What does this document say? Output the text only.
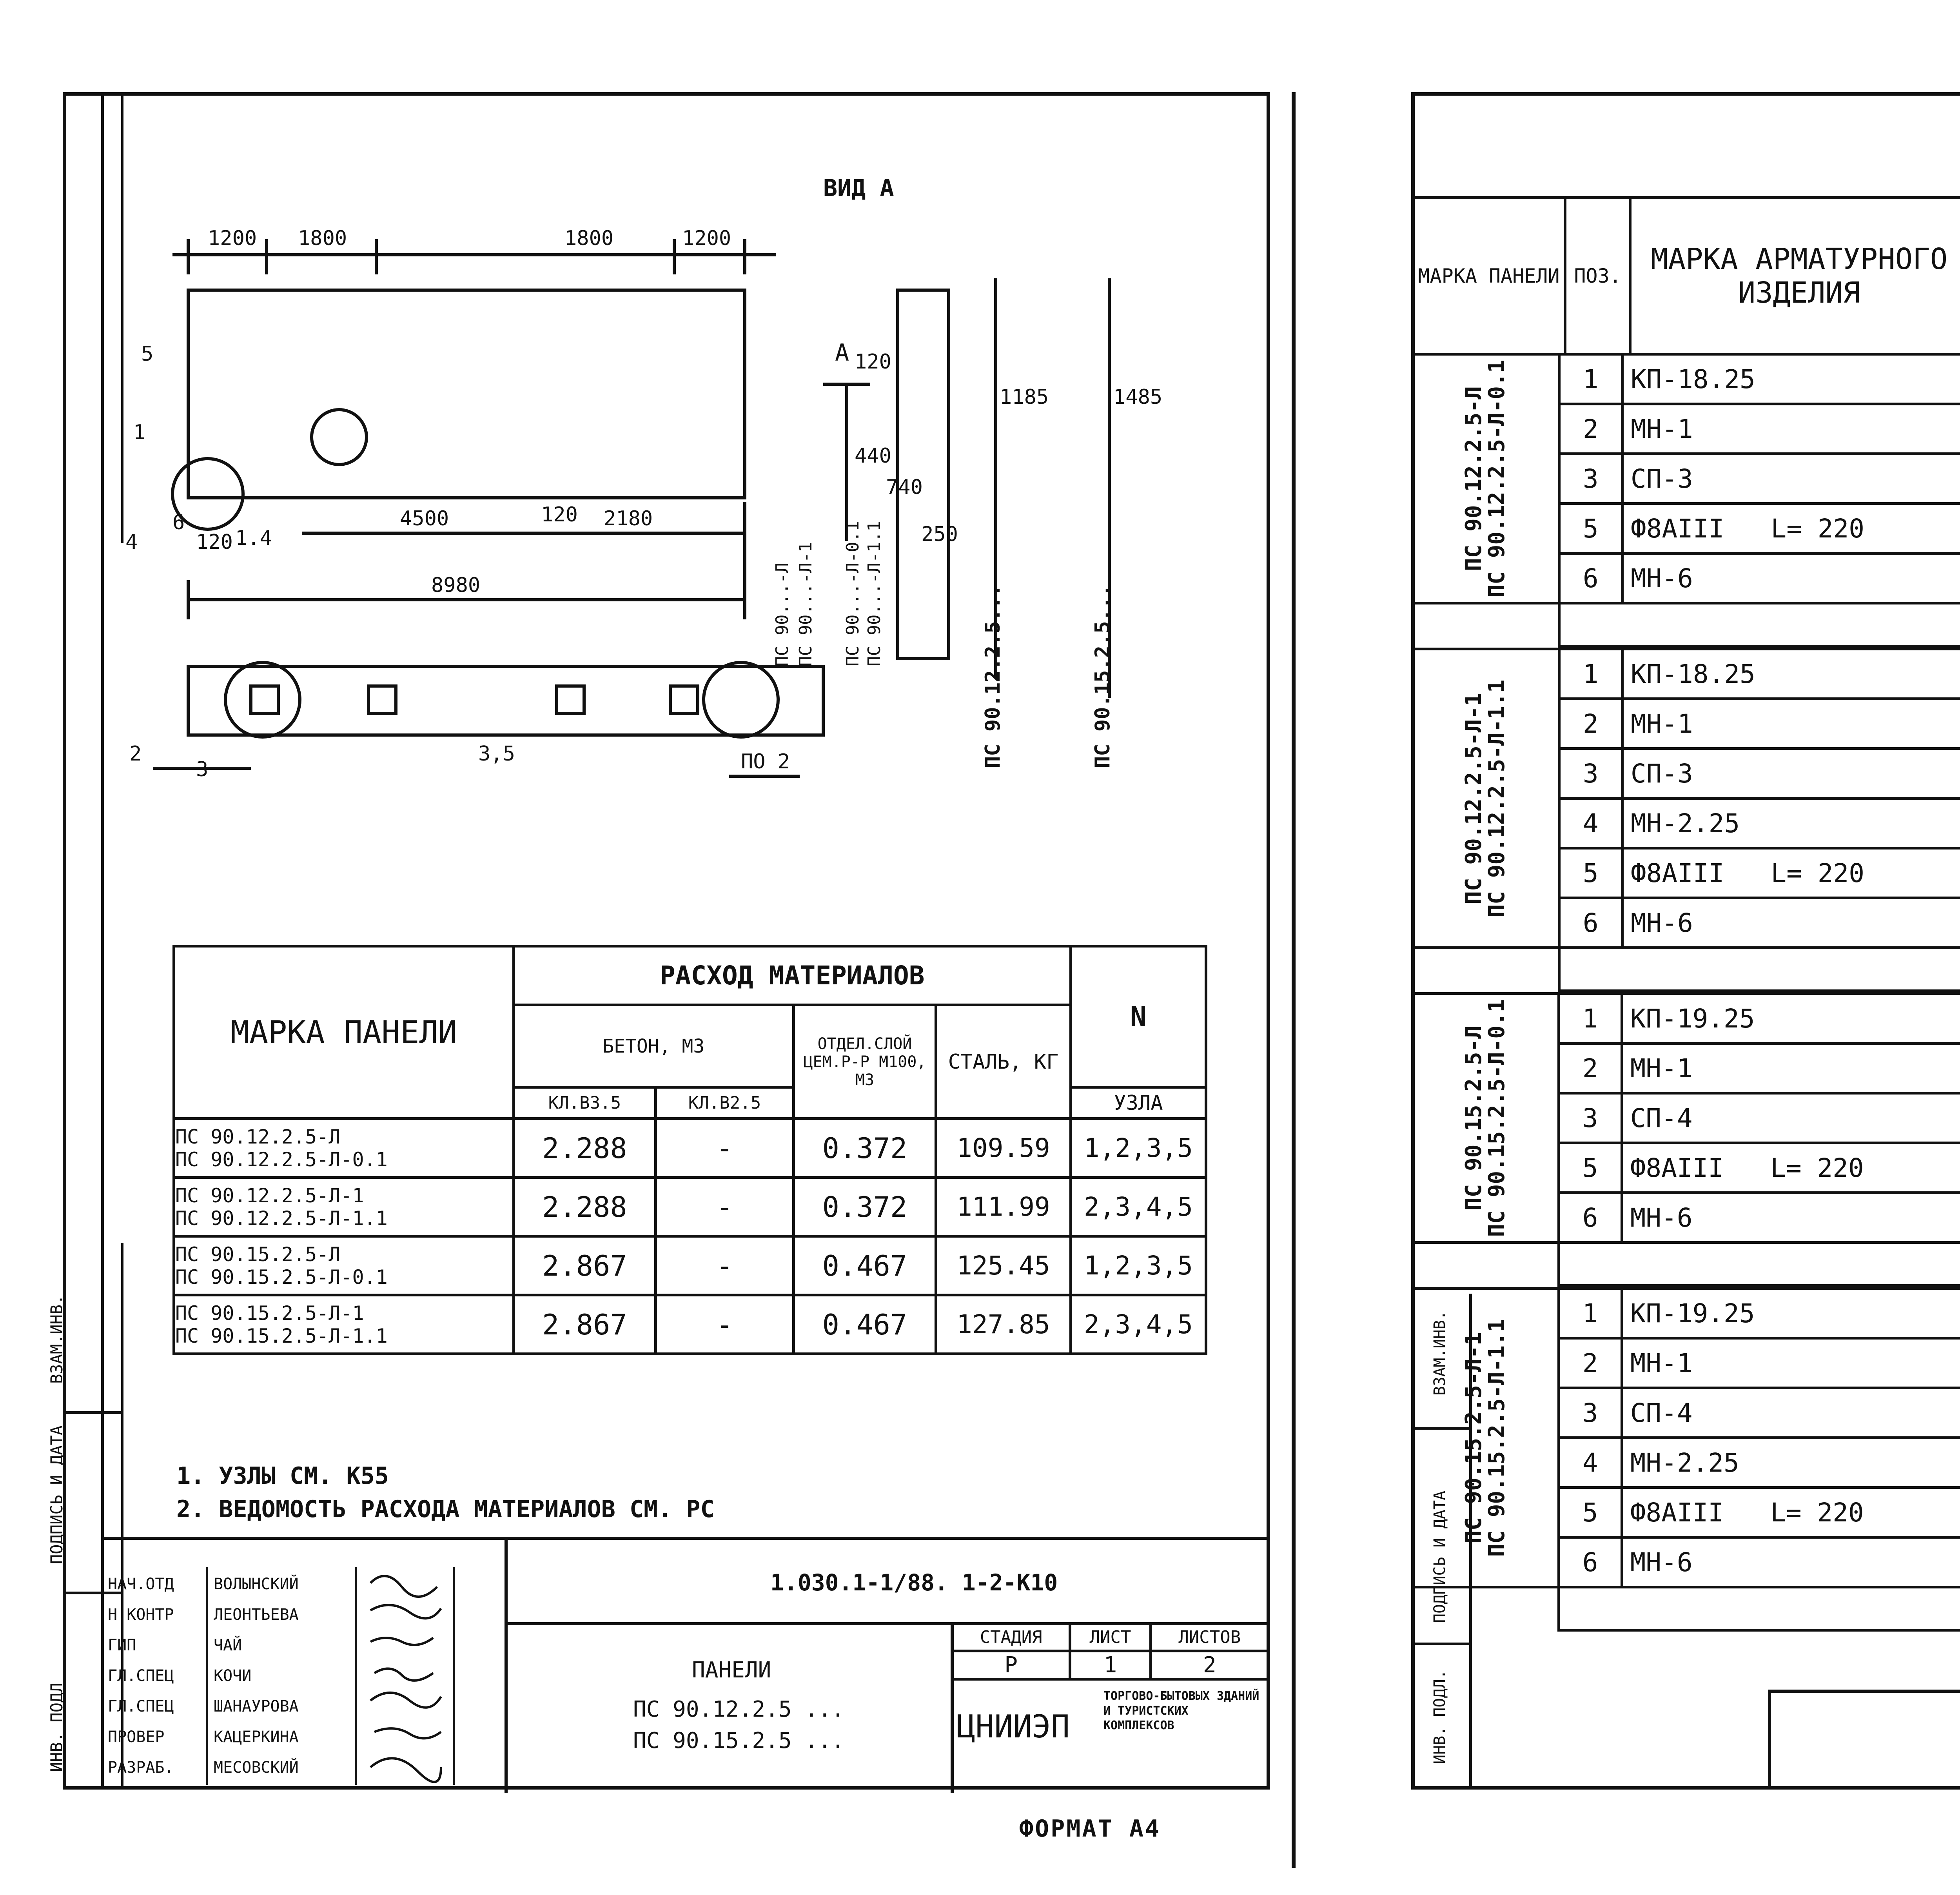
ВЗАМ.ИНВ.
ПОДПИСЬ И ДАТА
ИНВ. ПОДЛ
1200 1800	1800	1200
4500	120 2180
120
8980
1.4
6
120
440
740
250
1185	1485
5
1
4
2
3
3,5	ПО 2
ВИД А
А
ПС 90...-Л ПС 90...-Л-1 ПС 90...-Л-0.1 ПС 90...-Л-1.1	ПС 90.12.2.5...	ПС 90.15.2.5...
МАРКА ПАНЕЛИ	РАСХОД МАТЕРИАЛОВ				N
	БЕТОН, М3		ОТДЕЛ.СЛОЙ ЦЕМ.Р-Р М100, М3	СТАЛЬ, КГ	
	КЛ.В3.5	КЛ.В2.5			УЗЛА
ПС 90.12.2.5-Л
ПС 90.12.2.5-Л-0.1	2.288	-	0.372	109.59	1,2,3,5
ПС 90.12.2.5-Л-1
ПС 90.12.2.5-Л-1.1	2.288	-	0.372	111.99	2,3,4,5
ПС 90.15.2.5-Л
ПС 90.15.2.5-Л-0.1	2.867	-	0.467	125.45	1,2,3,5
ПС 90.15.2.5-Л-1
ПС 90.15.2.5-Л-1.1	2.867	-	0.467	127.85	2,3,4,5
1. УЗЛЫ СМ. К55
2. ВЕДОМОСТЬ РАСХОДА МАТЕРИАЛОВ СМ. РС
1.030.1-1/88. 1-2-К10
ПАНЕЛИ
ПС 90.12.2.5 ...
ПС 90.15.2.5 ...
СТАДИЯ	ЛИСТ	ЛИСТОВ
Р	1	2
ЦНИИЭП
ТОРГОВО-БЫТОВЫХ ЗДАНИЙ И ТУРИСТСКИХ КОМПЛЕКСОВ
НАЧ.ОТД	ВОЛЫНСКИЙ
Н.КОНТР	ЛЕОНТЬЕВА
ГИП	ЧАЙ
ГЛ.СПЕЦ	КОЧИ
ГЛ.СПЕЦ	ШАНАУРОВА
ПРОВЕР	КАЦЕРКИНА
РАЗРАБ.	МЕСОВСКИЙ
ФОРМАТ А4
ВЗАМ.ИНВ.
ПОДПИСЬ И ДАТА
ИНВ. ПОДЛ.
МАРКА ПАНЕЛИ	ПОЗ.	МАРКА АРМАТУРНОГО ИЗДЕЛИЯ			

ПС 90.12.2.5-Л
ПС 90.12.2.5-Л-0.1	1	КП-18.25				
	2	МН-1				
	3	СП-3				
	5	Ф8АIII   L= 220				
	6	МН-6				

ПС 90.12.2.5-Л-1
ПС 90.12.2.5-Л-1.1	1	КП-18.25				
	2	МН-1				
	3	СП-3				
	4	МН-2.25				
	5	Ф8АIII   L= 220				
	6	МН-6				

ПС 90.15.2.5-Л
ПС 90.15.2.5-Л-0.1	1	КП-19.25				
	2	МН-1				
	3	СП-4				
	5	Ф8АIII   L= 220				
	6	МН-6				

ПС 90.15.2.5-Л-1
ПС 90.15.2.5-Л-1.1	1	КП-19.25				
	2	МН-1				
	3	СП-4				
	4	МН-2.25				
	5	Ф8АIII   L= 220				
	6	МН-6				
